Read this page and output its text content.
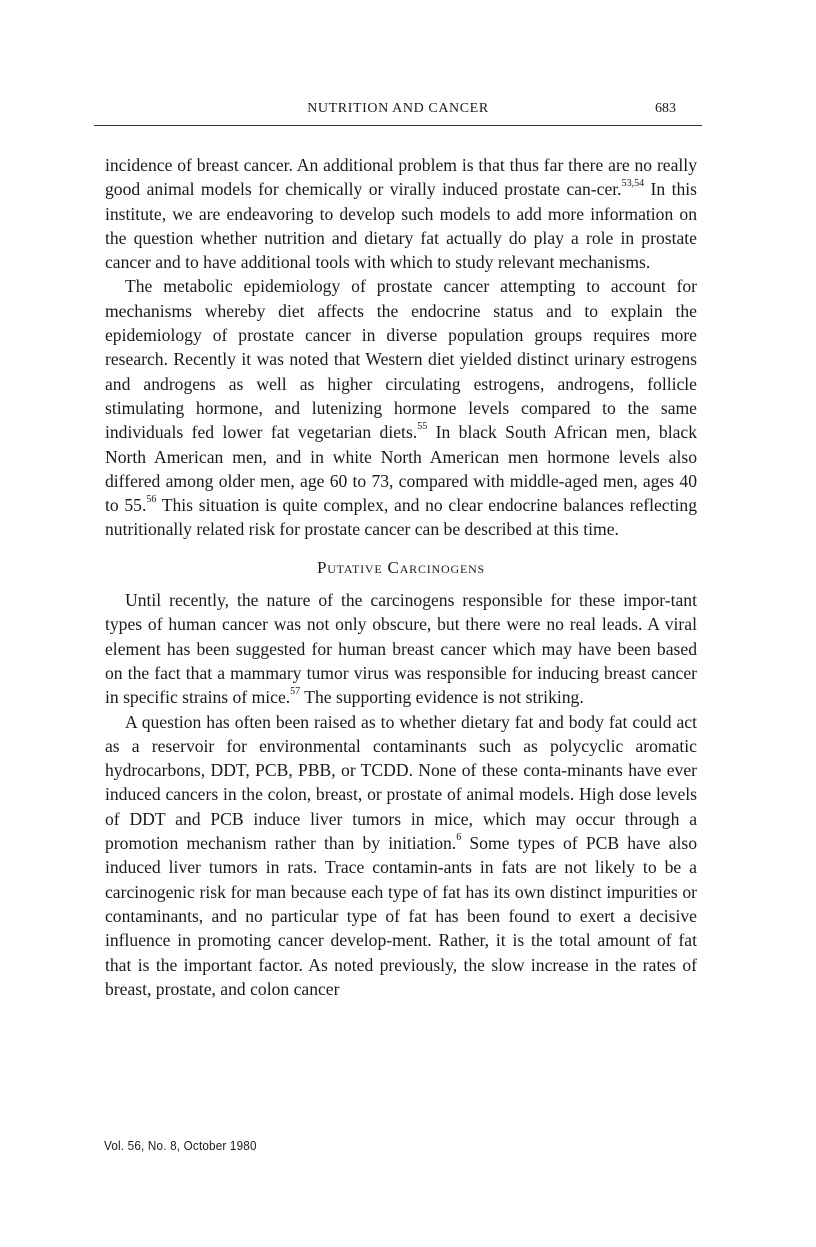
NUTRITION AND CANCER	683

incidence of breast cancer. An additional problem is that thus far there are no really good animal models for chemically or virally induced prostate can-cer.$^{53,54}$ In this institute, we are endeavoring to develop such models to add more information on the question whether nutrition and dietary fat actually do play a role in prostate cancer and to have additional tools with which to study relevant mechanisms.

The metabolic epidemiology of prostate cancer attempting to account for mechanisms whereby diet affects the endocrine status and to explain the epidemiology of prostate cancer in diverse population groups requires more research. Recently it was noted that Western diet yielded distinct urinary estrogens and androgens as well as higher circulating estrogens, androgens, follicle stimulating hormone, and lutenizing hormone levels compared to the same individuals fed lower fat vegetarian diets.$^{55}$ In black South African men, black North American men, and in white North American men hormone levels also differed among older men, age 60 to 73, compared with middle-aged men, ages 40 to 55.56 This situation is quite complex, and no clear endocrine balances reflecting nutritionally related risk for prostate cancer can be described at this time.

Putative Carcinogens

Until recently, the nature of the carcinogens responsible for these impor-tant types of human cancer was not only obscure, but there were no real leads. A viral element has been suggested for human breast cancer which may have been based on the fact that a mammary tumor virus was responsible for inducing breast cancer in specific strains of mice.$^{57}$ The supporting evidence is not striking.

A question has often been raised as to whether dietary fat and body fat could act as a reservoir for environmental contaminants such as polycyclic aromatic hydrocarbons, DDT, PCB, PBB, or TCDD. None of these conta-minants have ever induced cancers in the colon, breast, or prostate of animal models. High dose levels of DDT and PCB induce liver tumors in mice, which may occur through a promotion mechanism rather than by initiation.$^6$ Some types of PCB have also induced liver tumors in rats. Trace contamin-ants in fats are not likely to be a carcinogenic risk for man because each type of fat has its own distinct impurities or contaminants, and no particular type of fat has been found to exert a decisive influence in promoting cancer develop-ment. Rather, it is the total amount of fat that is the important factor. As noted previously, the slow increase in the rates of breast, prostate, and colon cancer

Vol. 56, No. 8, October 1980
